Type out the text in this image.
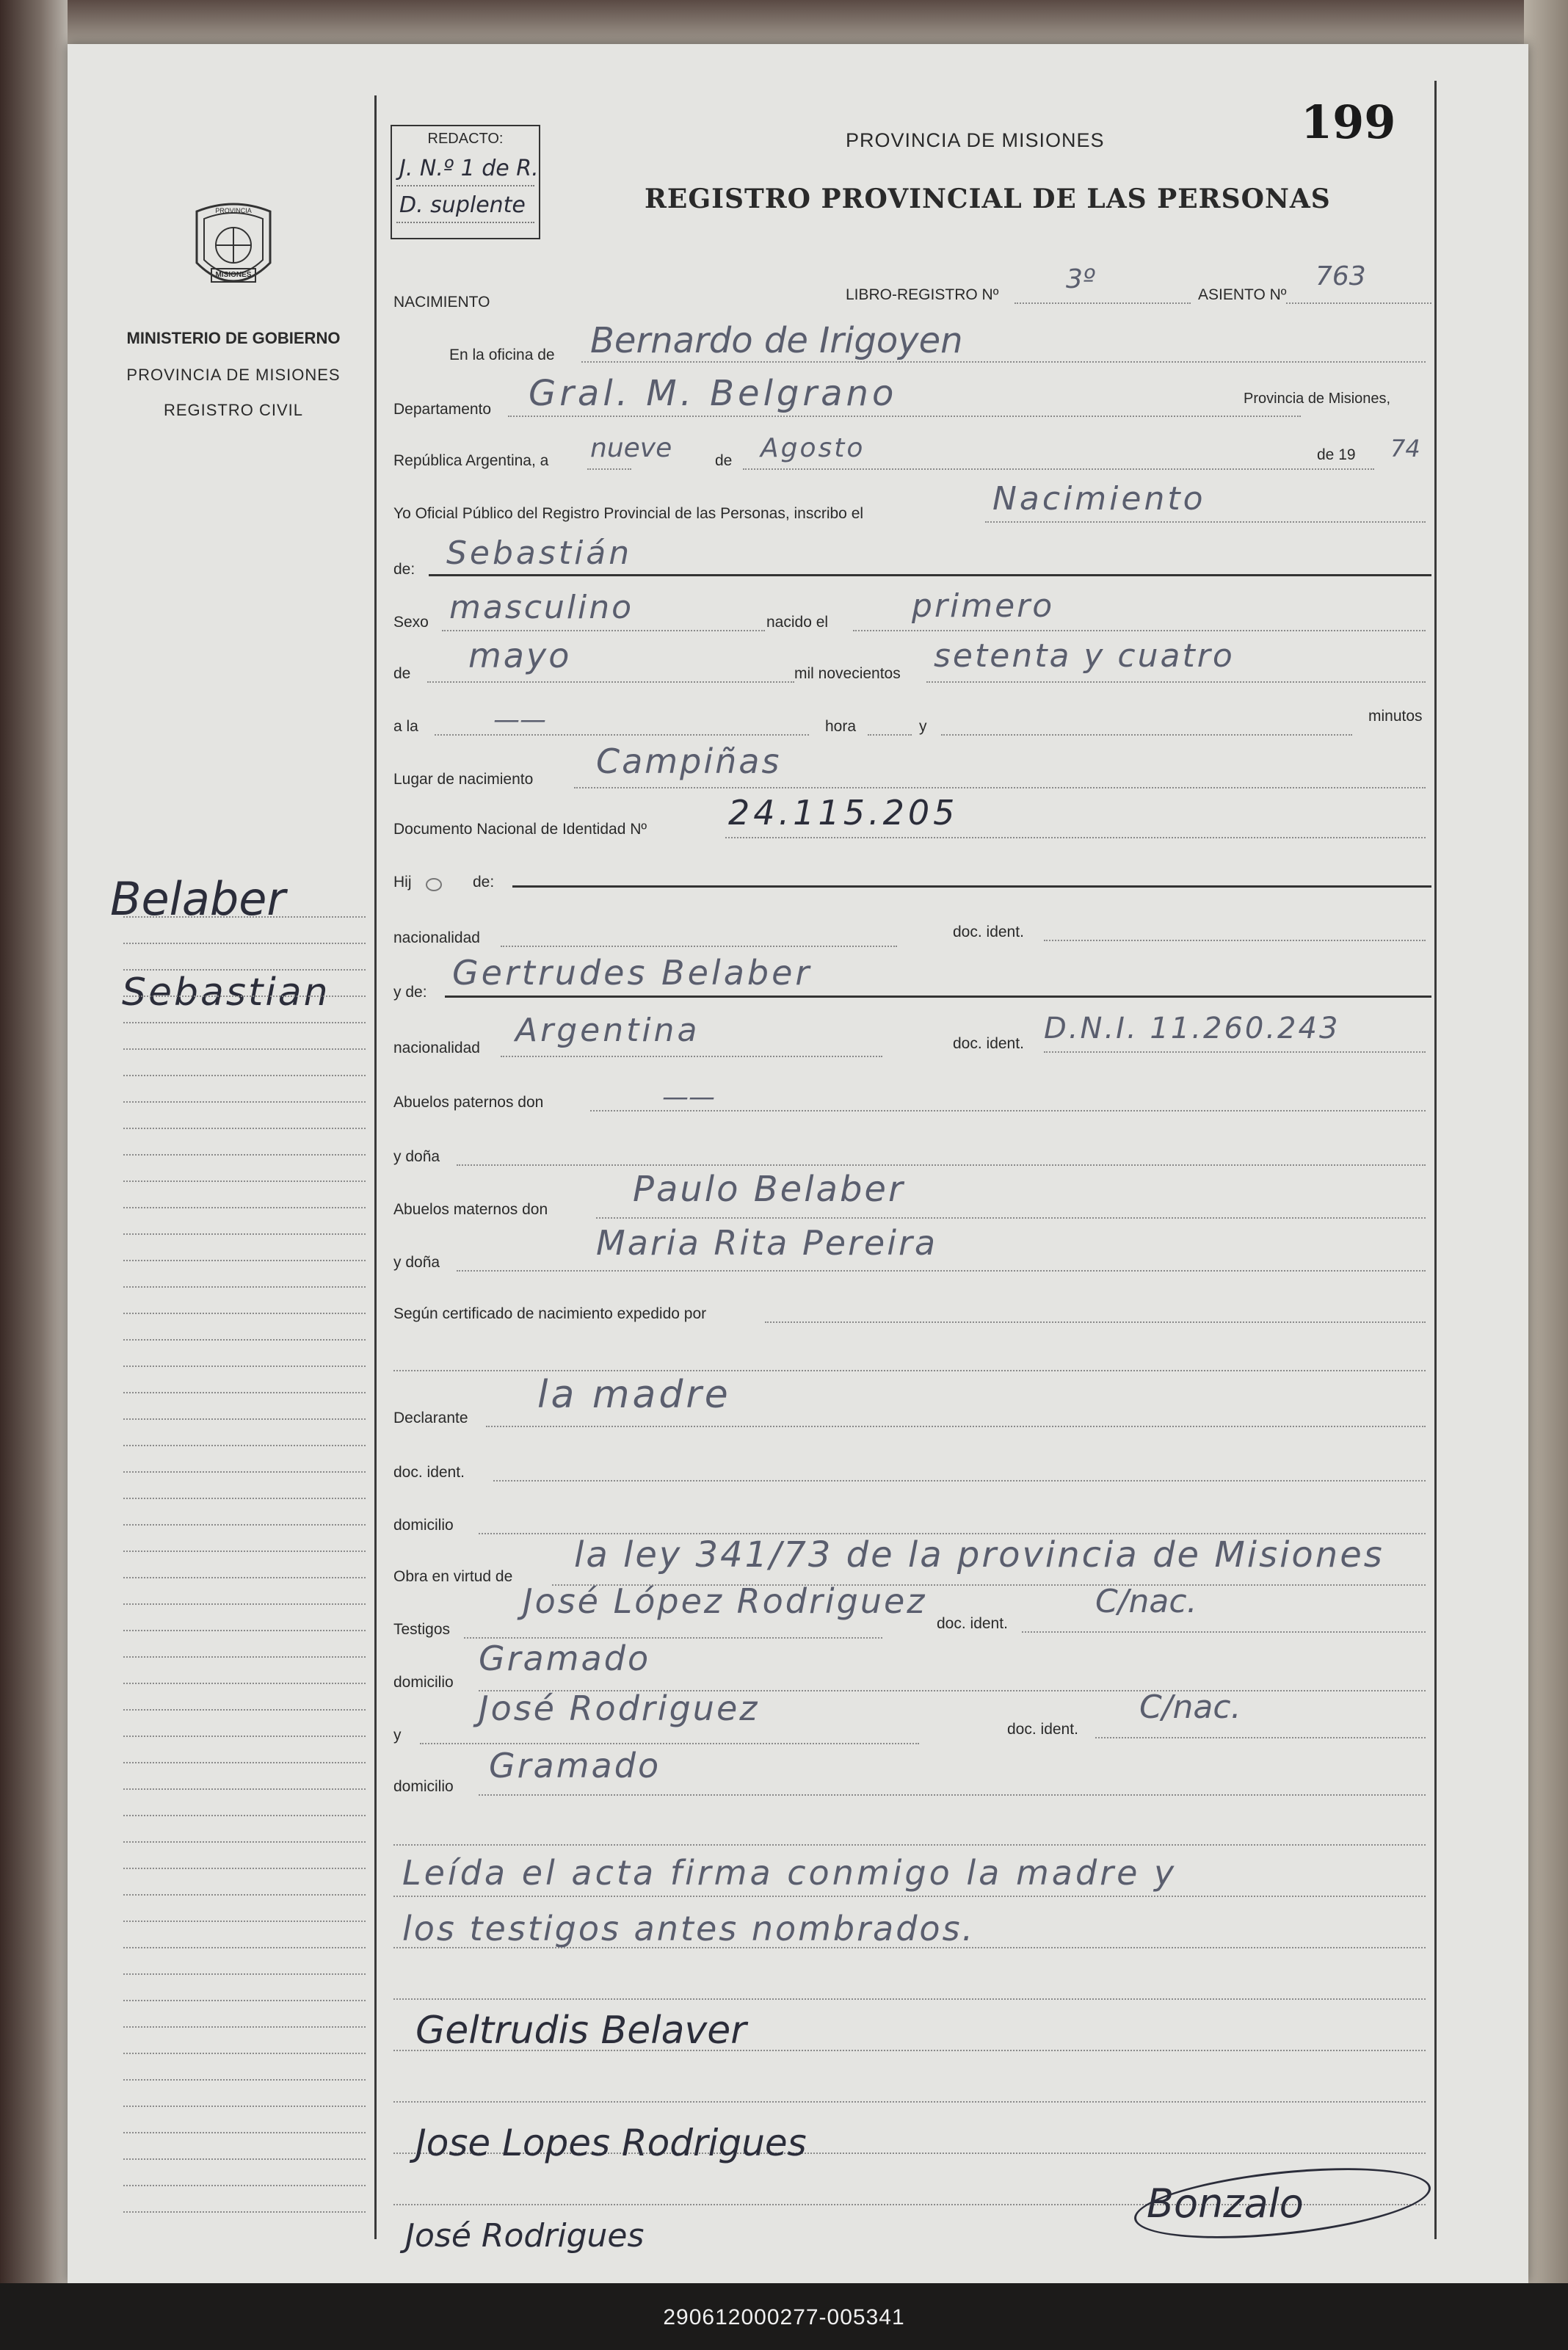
REDACTO:
J. N.º 1 de R.
D. suplente
PROVINCIA DE MISIONES
REGISTRO PROVINCIAL DE LAS PERSONAS
199
PROVINCIA
MISIONES
MINISTERIO DE GOBIERNO
PROVINCIA DE MISIONES
REGISTRO CIVIL
Belaber
Sebastian
NACIMIENTO	LIBRO-REGISTRO Nº
3º
ASIENTO Nº
763
En la oficina de Bernardo de Irigoyen
Departamento Gral. M. Belgrano	Provincia de Misiones,
República Argentina, a nueve	de Agosto	de 19 74
Yo Oficial Público del Registro Provincial de las Personas, inscribo el	Nacimiento
de: Sebastián
Sexo masculino	nacido el	primero
de mayo	mil novecientos setenta y cuatro
a la	——	hora	y
minutos
Lugar de nacimiento Campiñas
Documento Nacional de Identidad Nº 24.115.205
Hij	de:
nacionalidad	doc. ident.
y de: Gertrudes Belaber
nacionalidad Argentina	doc. ident. D.N.I. 11.260.243
Abuelos paternos don	——
y doña
Abuelos maternos don Paulo Belaber
y doña	Maria Rita Pereira
Según certificado de nacimiento expedido por
Declarante
la madre
doc. ident.
domicilio
Obra en virtud de
la ley 341/73 de la provincia de Misiones
Testigos
José López Rodriguez
doc. ident.
C/nac.
domicilio
Gramado
y
José Rodriguez
doc. ident.
C/nac.
domicilio
Gramado
Leída el acta firma conmigo la madre y
los testigos antes nombrados.
Geltrudis Belaver
Jose Lopes Rodrigues
José Rodrigues
Bonzalo
290612000277-005341
